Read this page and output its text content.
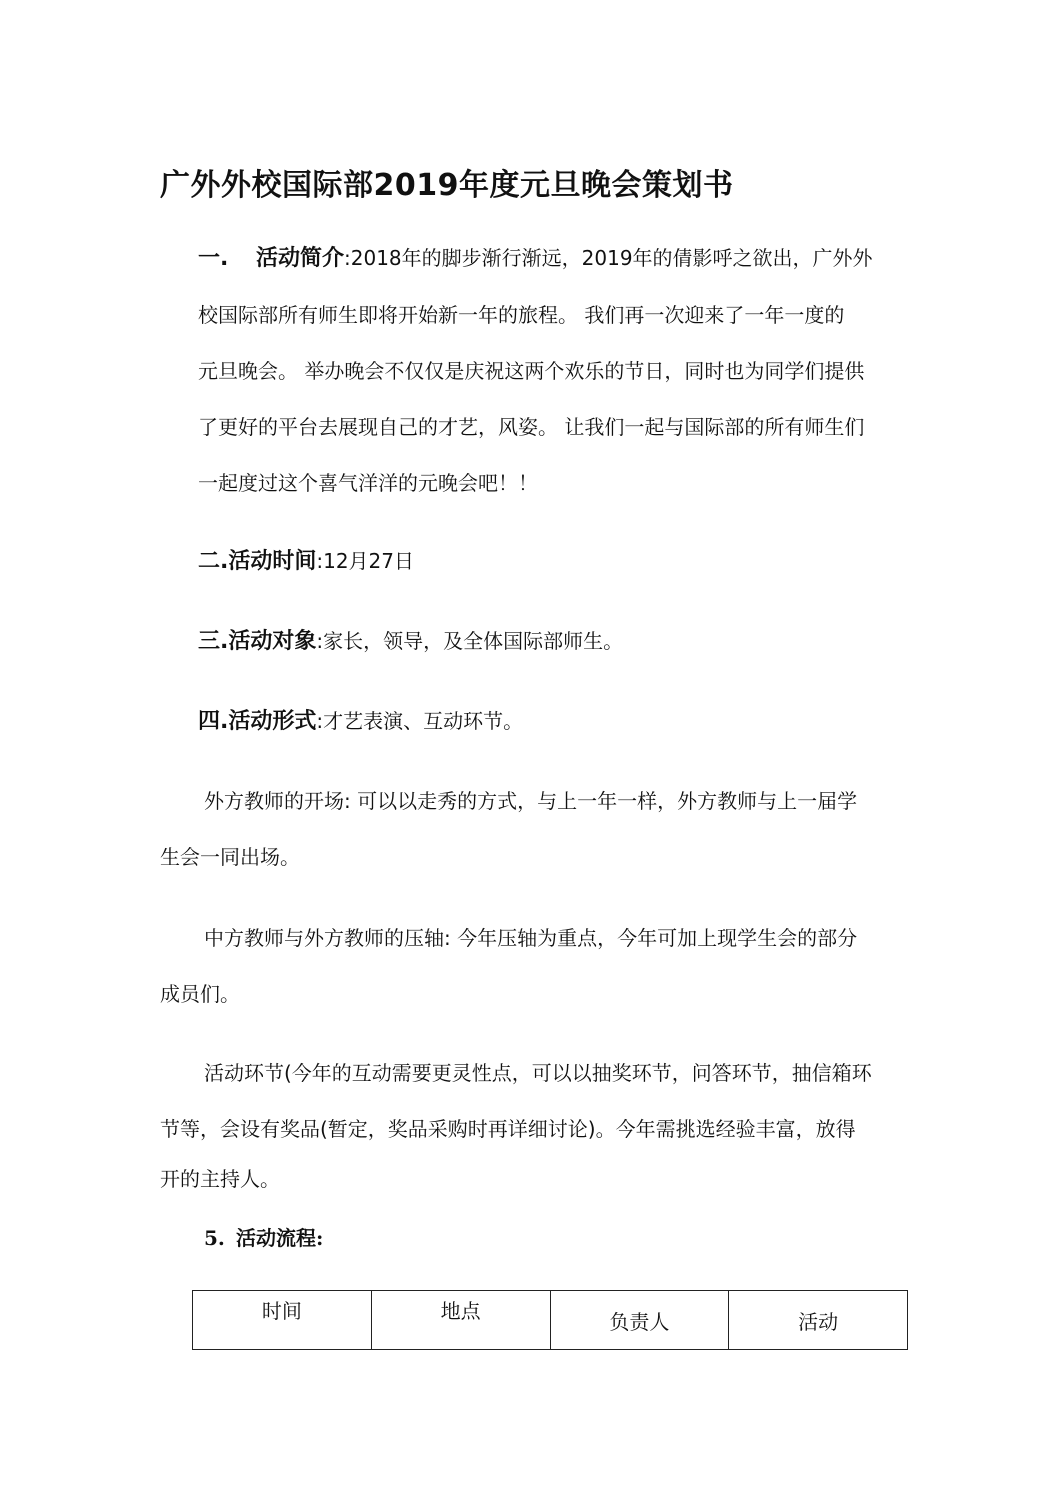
广外外校国际部2019年度元旦晚会策划书
一. 活动简介:2018年的脚步渐行渐远，2019年的倩影呼之欲出，广外外
校国际部所有师生即将开始新一年的旅程。 我们再一次迎来了一年一度的
元旦晚会。 举办晚会不仅仅是庆祝这两个欢乐的节日，同时也为同学们提供
了更好的平台去展现自己的才艺，风姿。 让我们一起与国际部的所有师生们
一起度过这个喜气洋洋的元晚会吧！！
二.活动时间:12月27日
三.活动对象:家长，领导，及全体国际部师生。
四.活动形式:才艺表演、互动环节。
外方教师的开场: 可以以走秀的方式，与上一年一样，外方教师与上一届学
生会一同出场。
中方教师与外方教师的压轴: 今年压轴为重点，今年可加上现学生会的部分
成员们。
活动环节(今年的互动需要更灵性点，可以以抽奖环节，问答环节，抽信箱环
节等，会设有奖品(暂定，奖品采购时再详细讨论)。今年需挑选经验丰富，放得
开的主持人。
5. 活动流程:
时间	地点	负责人	活动
